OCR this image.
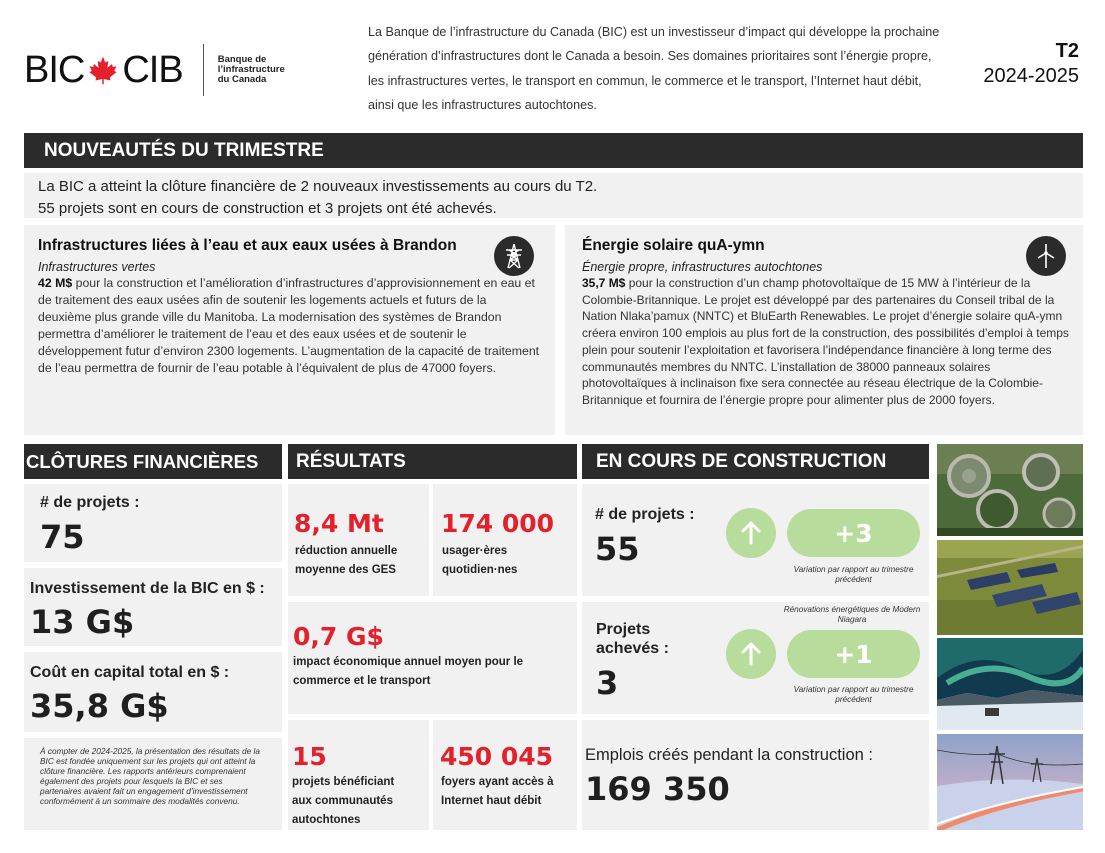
BIC CIB	Banque de l’infrastructure du Canada
La Banque de l’infrastructure du Canada (BIC) est un investisseur d’impact qui développe la prochaine génération d’infrastructures dont le Canada a besoin. Ses domaines prioritaires sont l’énergie propre, les infrastructures vertes, le transport en commun, le commerce et le transport, l’Internet haut débit, ainsi que les infrastructures autochtones.
T2
2024-2025
NOUVEAUTÉS DU TRIMESTRE
La BIC a atteint la clôture financière de 2 nouveaux investissements au cours du T2.
55 projets sont en cours de construction et 3 projets ont été achevés.
Infrastructures liées à l’eau et aux eaux usées à Brandon
Infrastructures vertes
42 M$ pour la construction et l’amélioration d’infrastructures d’approvisionnement en eau et de traitement des eaux usées afin de soutenir les logements actuels et futurs de la deuxième plus grande ville du Manitoba. La modernisation des systèmes de Brandon permettra d’améliorer le traitement de l’eau et des eaux usées et de soutenir le développement futur d’environ 2300 logements. L’augmentation de la capacité de traitement de l’eau permettra de fournir de l’eau potable à l’équivalent de plus de 47000 foyers.
Énergie solaire quA-ymn
Énergie propre, infrastructures autochtones
35,7 M$ pour la construction d’un champ photovoltaïque de 15 MW à l’intérieur de la Colombie-Britannique. Le projet est développé par des partenaires du Conseil tribal de la Nation Nlaka’pamux (NNTC) et BluEarth Renewables. Le projet d’énergie solaire quA-ymn créera environ 100 emplois au plus fort de la construction, des possibilités d’emploi à temps plein pour soutenir l’exploitation et favorisera l’indépendance financière à long terme des communautés membres du NNTC. L’installation de 38000 panneaux solaires photovoltaïques à inclinaison fixe sera connectée au réseau électrique de la Colombie-Britannique et fournira de l’énergie propre pour alimenter plus de 2000 foyers.
CLÔTURES FINANCIÈRES
# de projets :
75
Investissement de la BIC en $ :
13 G$
Coût en capital total en $ :
35,8 G$
À compter de 2024-2025, la présentation des résultats de la BIC est fondée uniquement sur les projets qui ont atteint la clôture financière. Les rapports antérieurs comprenaient également des projets pour lesquels la BIC et ses partenaires avaient fait un engagement d’investissement conformément à un sommaire des modalités convenu.
RÉSULTATS
8,4 Mt
réduction annuelle moyenne des GES
174 000
usager·ères quotidien·nes
0,7 G$
impact économique annuel moyen pour le commerce et le transport
15
projets bénéficiant aux communautés autochtones
450 045
foyers ayant accès à Internet haut débit
EN COURS DE CONSTRUCTION
# de projets :
55	+3
Variation par rapport au trimestre précédent
Projets achevés :
3
Rénovations énergétiques de Modern Niagara
+1
Variation par rapport au trimestre précédent
Emplois créés pendant la construction :
169 350
